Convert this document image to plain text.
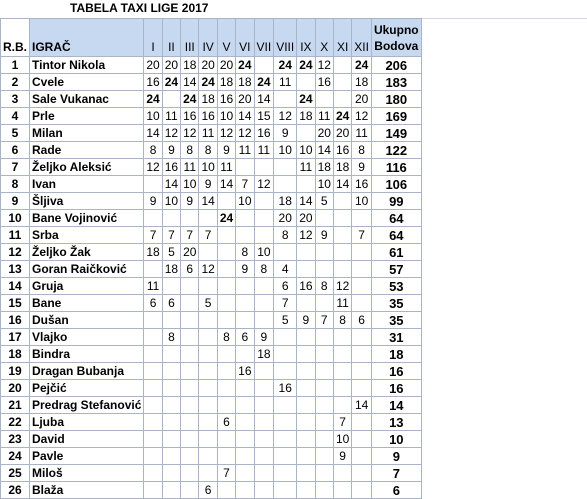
TABELA TAXI LIGE 2017
R.B.	IGRAČ	I	II	III	IV	V	VI	VII	VIII	IX	X	XI	XII	Ukupno
Bodova

1	Tintor Nikola	20	20	18	20	20	24		24	24	12		24	206
2	Cvele	16	24	14	24	18	18	24	11		16		18	183
3	Sale Vukanac	24		24	18	16	20	14		24			20	180
4	Prle	10	11	16	16	10	14	15	12	18	11	24	12	169
5	Milan	14	12	12	11	12	12	16	9		20	20	11	149
6	Rade	8	9	8	8	9	11	11	10	10	14	16	8	122
7	Željko Aleksić	12	16	11	10	11				11	18	18	9	116
8	Ivan		14	10	9	14	7	12			10	14	16	106
9	Šljiva	9	10	9	14		10		18	14	5		10	99
10	Bane Vojinović					24			20	20				64
11	Srba	7	7	7	7				8	12	9		7	64
12	Željko Žak	18	5	20			8	10						61
13	Goran Raičković		18	6	12		9	8	4					57
14	Gruja	11							6	16	8	12		53
15	Bane	6	6		5				7			11		35
16	Dušan								5	9	7	8	6	35
17	Vlajko		8			8	6	9						31
18	Bindra							18						18
19	Dragan Bubanja						16							16
20	Pejčić								16					16
21	Predrag Stefanović												14	14
22	Ljuba					6						7		13
23	David											10		10
24	Pavle											9		9
25	Miloš					7								7
26	Blaža				6									6
